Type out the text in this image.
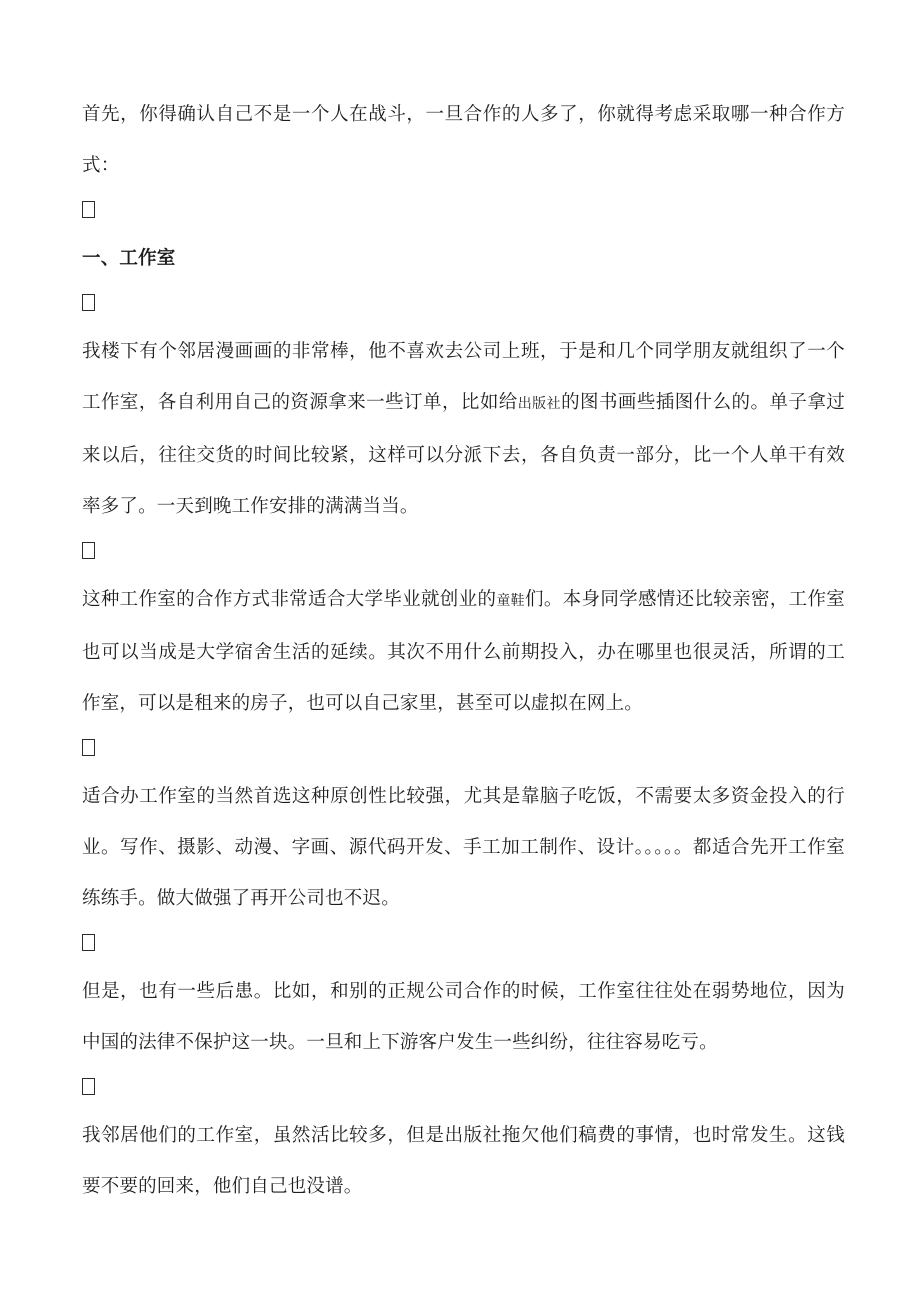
首先，你得确认自己不是一个人在战斗，一旦合作的人多了，你就得考虑采取哪一种合作方式：

一、工作室

我楼下有个邻居漫画画的非常棒，他不喜欢去公司上班，于是和几个同学朋友就组织了一个工作室，各自利用自己的资源拿来一些订单，比如给出版社的图书画些插图什么的。单子拿过来以后，往往交货的时间比较紧，这样可以分派下去，各自负责一部分，比一个人单干有效率多了。一天到晚工作安排的满满当当。

这种工作室的合作方式非常适合大学毕业就创业的童鞋们。本身同学感情还比较亲密，工作室也可以当成是大学宿舍生活的延续。其次不用什么前期投入，办在哪里也很灵活，所谓的工作室，可以是租来的房子，也可以自己家里，甚至可以虚拟在网上。

适合办工作室的当然首选这种原创性比较强，尤其是靠脑子吃饭，不需要太多资金投入的行业。写作、摄影、动漫、字画、源代码开发、手工加工制作、设计。。。。。都适合先开工作室练练手。做大做强了再开公司也不迟。

但是，也有一些后患。比如，和别的正规公司合作的时候，工作室往往处在弱势地位，因为中国的法律不保护这一块。一旦和上下游客户发生一些纠纷，往往容易吃亏。

我邻居他们的工作室，虽然活比较多，但是出版社拖欠他们稿费的事情，也时常发生。这钱要不要的回来，他们自己也没谱。
